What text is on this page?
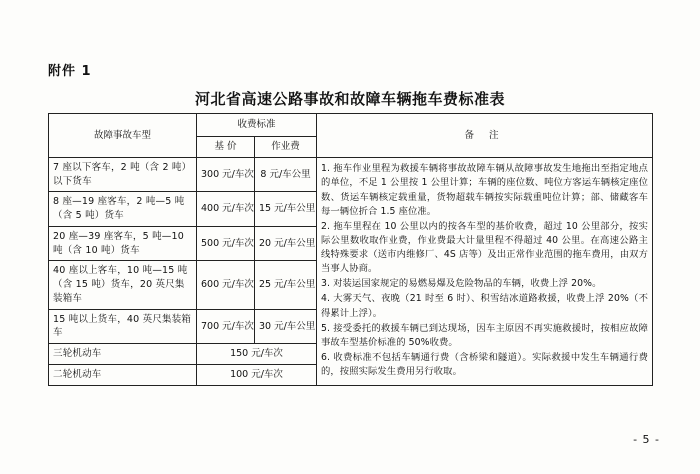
附件 1
河北省高速公路事故和故障车辆拖车费标准表
故障事故车型	收费标准		备 注
	基 价	作业费	
7 座以下客车，2 吨（含 2 吨）以下货车	300 元/车次	8 元/车公里	1. 拖车作业里程为救援车辆将事故故障车辆从故障事故发生地拖出至指定地点的单位，不足 1 公里按 1 公里计算；车辆的座位数、吨位方客运车辆核定座位数、货运车辆核定载重量，货物超载车辆按实际载重吨位计算；部、储藏客车每一辆位折合 1.5 座位准。
2. 拖车里程在 10 公里以内的按各车型的基价收费，超过 10 公里部分，按实际公里数收取作业费，作业费最大计量里程不得超过 40 公里。在高速公路主线特殊要求（送市内维修厂、4S 店等）及出正常作业范围的拖车费用，由双方当事人协商。
3. 对装运国家规定的易燃易爆及危险物品的车辆，收费上浮 20%。
4. 大雾天气、夜晚（21 时至 6 时）、积雪结冰道路救援，收费上浮 20%（不得累计上浮）。
5. 接受委托的救援车辆已到达现场，因车主原因不再实施救援时，按相应故障事故车型基价标准的 50%收费。
6. 收费标准不包括车辆通行费（含桥梁和隧道）。实际救援中发生车辆通行费的，按照实际发生费用另行收取。

8 座—19 座客车，2 吨—5 吨（含 5 吨）货车	400 元/车次	15 元/车公里	
20 座—39 座客车，5 吨—10 吨（含 10 吨）货车	500 元/车次	20 元/车公里	
40 座以上客车，10 吨—15 吨（含 15 吨）货车，20 英尺集装箱车	600 元/车次	25 元/车公里	
15 吨以上货车，40 英尺集装箱车	700 元/车次	30 元/车公里	
三轮机动车	150 元/车次		
二轮机动车	100 元/车次		
- 5 -
